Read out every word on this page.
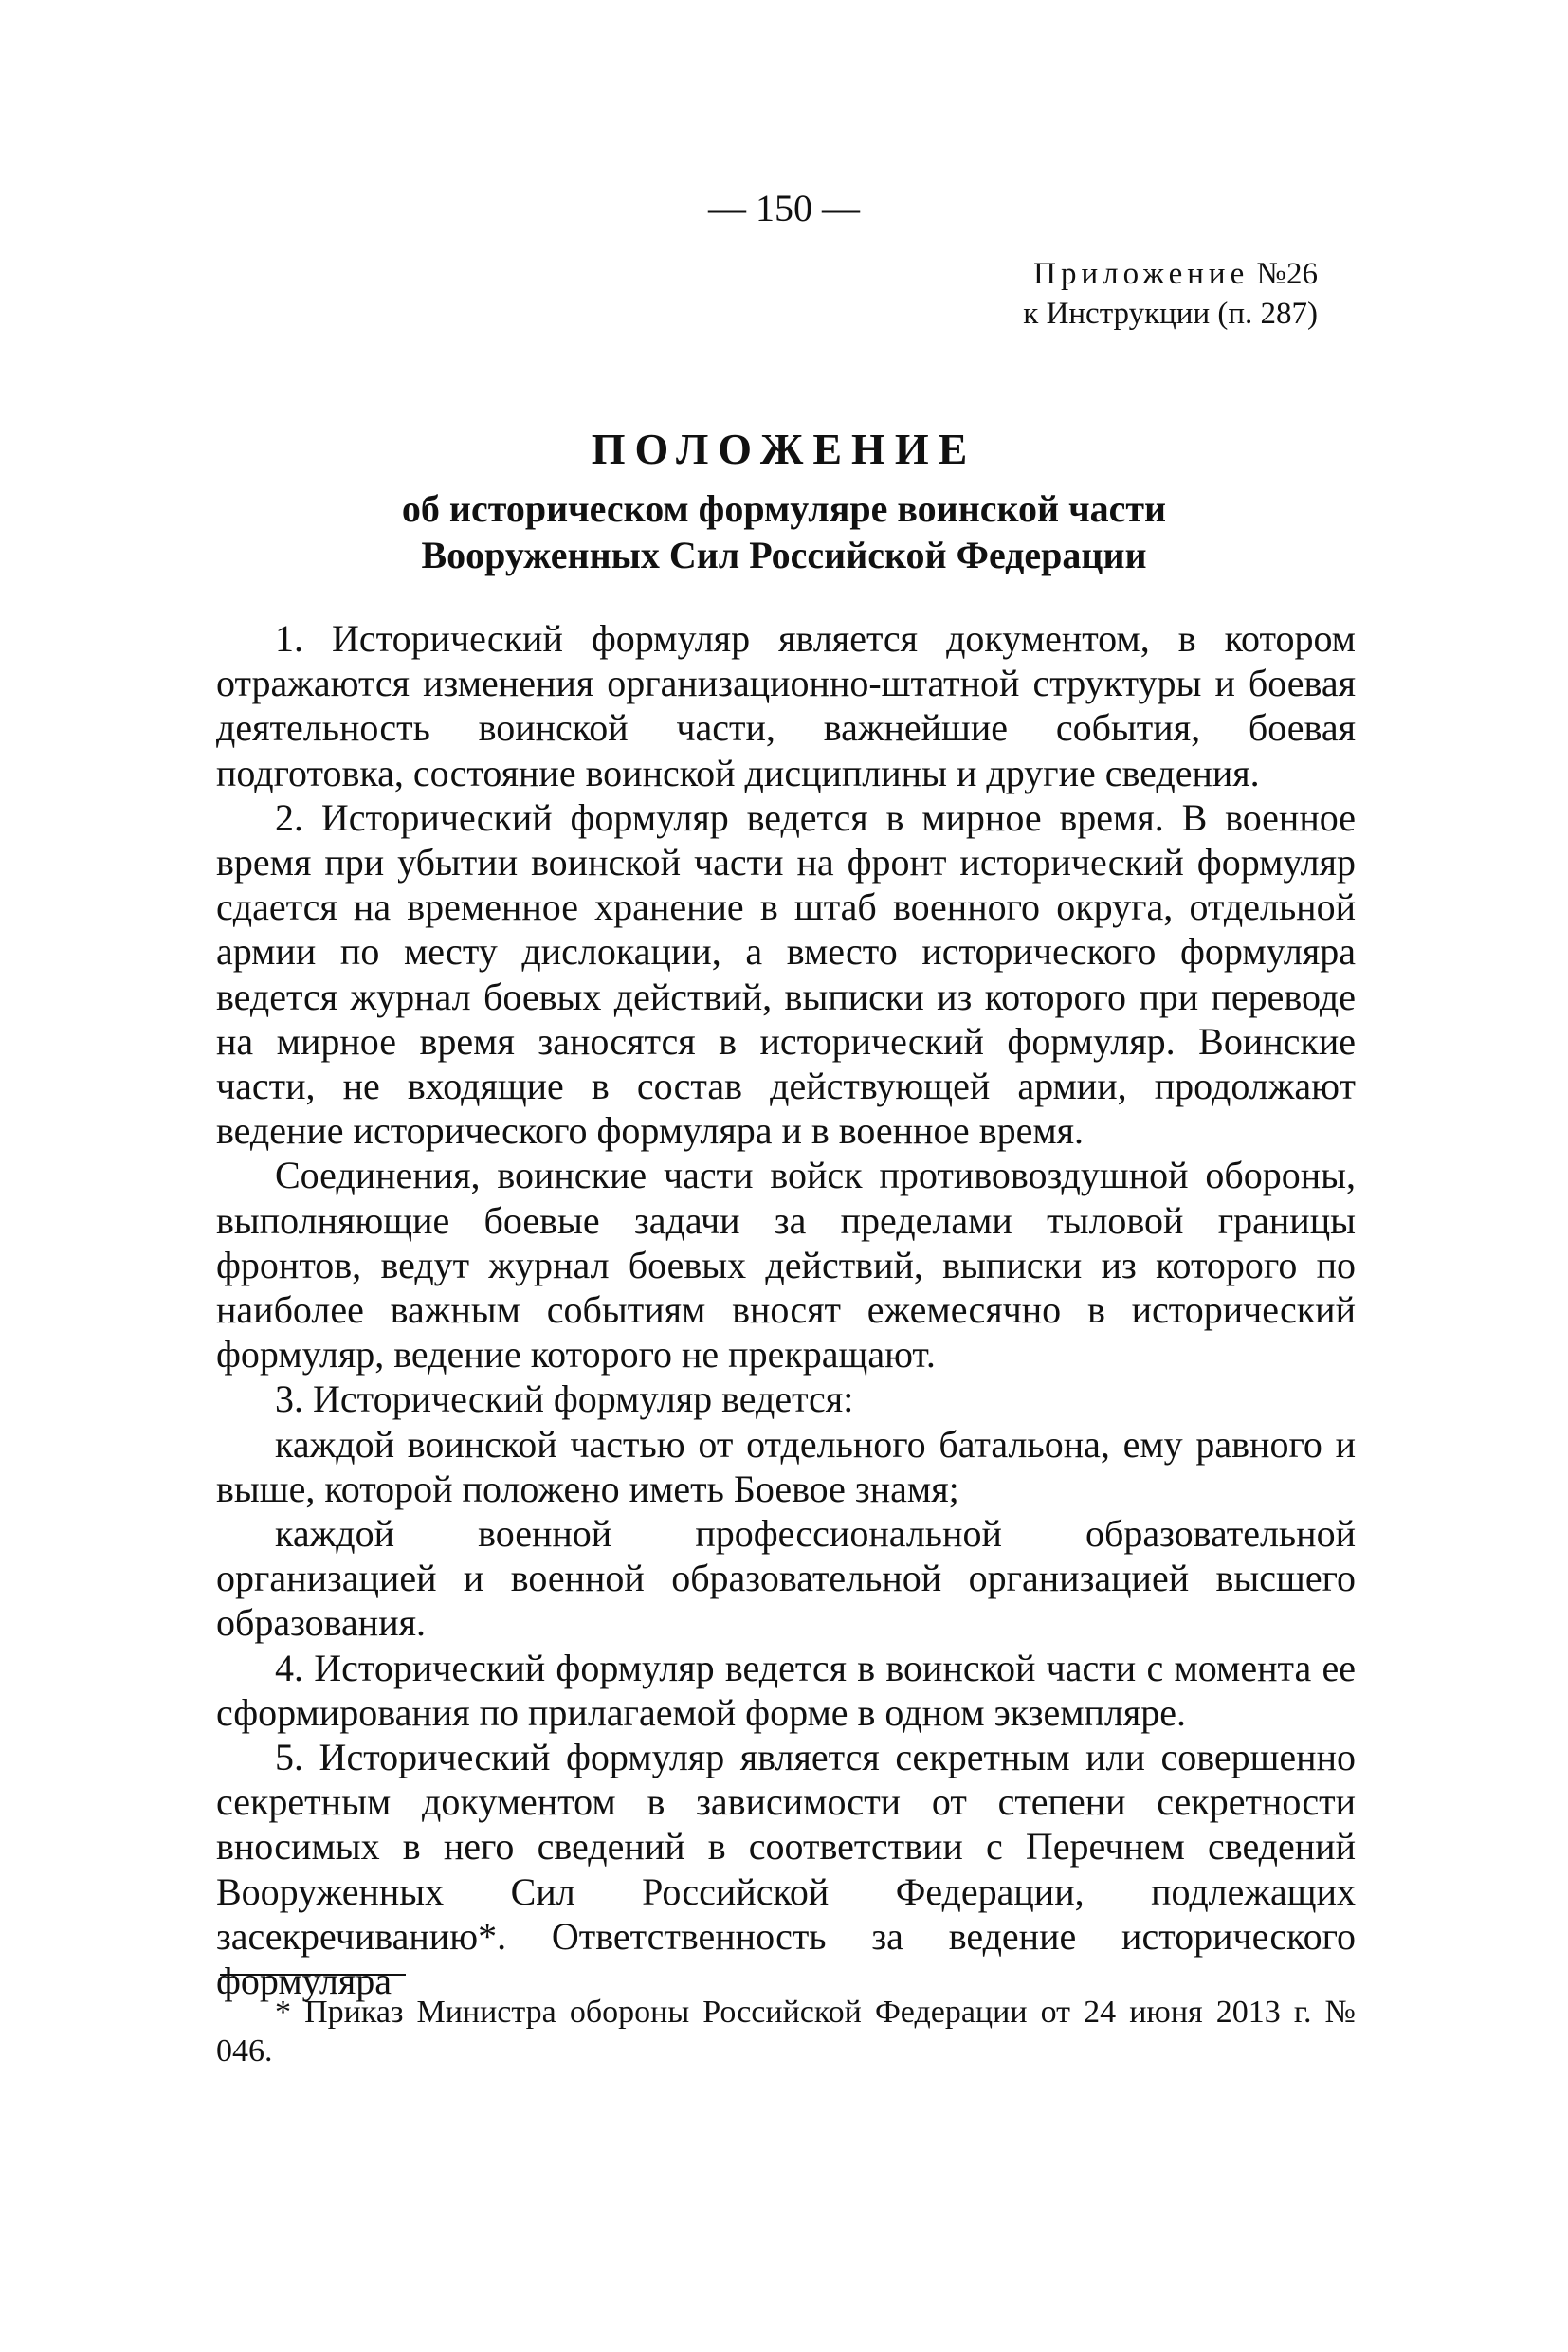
— 150 —
Приложение №26
к Инструкции (п. 287)
ПОЛОЖЕНИЕ
об историческом формуляре воинской части
Вооруженных Сил Российской Федерации

1. Исторический формуляр является документом, в котором отражаются изменения организационно-штатной структуры и боевая деятельность воинской части, важнейшие события, боевая подготовка, состояние воинской дисциплины и другие сведения.

2. Исторический формуляр ведется в мирное время. В военное время при убытии воинской части на фронт исторический формуляр сдается на временное хранение в штаб военного округа, отдельной армии по месту дислокации, а вместо исторического формуляра ведется журнал боевых действий, выписки из которого при переводе на мирное время заносятся в исторический формуляр. Воинские части, не входящие в состав действующей армии, продолжают ведение исторического формуляра и в военное время.

Соединения, воинские части войск противовоздушной обороны, выполняющие боевые задачи за пределами тыловой границы фронтов, ведут журнал боевых действий, выписки из которого по наиболее важным событиям вносят ежемесячно в исторический формуляр, ведение которого не прекращают.

3. Исторический формуляр ведется:

каждой воинской частью от отдельного батальона, ему равного и выше, которой положено иметь Боевое знамя;

каждой военной профессиональной образовательной организацией и военной образовательной организацией высшего образования.

4. Исторический формуляр ведется в воинской части с момента ее сформирования по прилагаемой форме в одном экземпляре.

5. Исторический формуляр является секретным или совершенно секретным документом в зависимости от степени секретности вносимых в него сведений в соответствии с Перечнем сведений Вооруженных Сил Российской Федерации, подлежащих засекречиванию*. Ответственность за ведение исторического формуляра

* Приказ Министра обороны Российской Федерации от 24 июня 2013 г. № 046.
